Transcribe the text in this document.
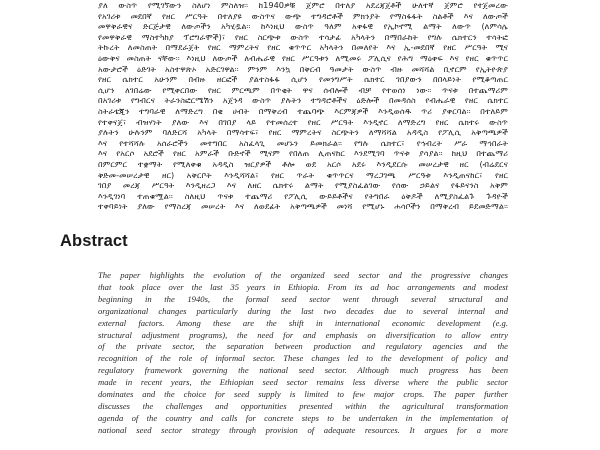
ያለ ውስጥ የሚገኘውን ስለሆነ ምስለዝ፡፡ ከ1940ዎቹ ጀምሮ በተለያ አደረጃጀቶች ሁለተኛ ጀምሮ የተጀመረው
የአገሪቱ መደበኛ የዘር ሥርዓት በተለያዩ ውስጥና ውጭ ተግዳሮቶች ምክንያት የማስፋፋት ስልቶች እና ለውጦች
መዋቅራዊና ድርጅታዊ ለውጦችን አካሂዷል፡፡ ከእነዚህ ውስጥ ዓለም አቀፋዊ የኢኮኖሚ ልማት ለውጥ (ለምሳሌ
የመዋቅራዊ ማስተካከያ ፕሮግራሞች)፣ የዘር ስርጭቱ ውስጥ ተሳታፊ አካላትን በማበራከት የግሉ ሴክተርን ተሳትፎ
ትኩረት ለመስጠት በማደራጀት የዘር ማምረትና የዘር ቁጥጥር አካላትን በመለየት እና ኢ-መደበኛ የዘር ሥርዓት ሚና
ዕውቅና መስጠት ናቸው፡፡ እነዚህ ለውጦች ለብሔራዊ የዘር ሥርዓቱን ለሚመሩ ፖሊሲና የሕግ ማዕቀፍ እና የዘር ቁጥጥር
አውታሮች ዕድገት አስተዋጽኦ አድርገዋል፡፡ ምንም እንኳ በቅርብ ዓመታት ውስጥ ብዙ መሻሻል ቢኖርም የኢትዮጵያ
የዘር ሴክተር አሁንም በብዙ ዘርፎች ያልተስፋፋ ሲሆን የመንግሥት ሴክተር ገበያውን በበላይነት የሚቆጣጠር
ሲሆን ለገበሬው የሚቀርበው የዘር ምርጫም በጥቂት ዋና ሰብሎች ብቻ የተወሰነ ነው፡፡ ጥናቱ በተጨማሪም
በአገሪቱ የግብርና ትራንስፎርሜሽን አጀንዳ ውስጥ ያሉትን ተግዳሮቶችና ዕድሎች በመዳሰስ የብሔራዊ የዘር ሴክተር
ስትራቴጂን ተግባራዊ ለማድረግ በቂ ሀብት በማቅረብ ተጨባጭ እርምጃዎች እንዲወሰዱ ጥሪ ያቀርባል፡፡ በተለይም
የተቀናጀ፣ ብዝሃነት ያለው እና በገበያ ላይ የተመሰረተ የዘር ሥርዓት እንዲኖር ለማድረግ የዘር ሴክተሩ ውስጥ
ያሉትን ሁሉንም ባለድርሻ አካላት በማሳተፍ፣ የዘር ማምረትና ስርጭትን ለማሻሻል አዳዲስ የፖሊሲ አቅጣጫዎች
እና የተሻሻሉ አሰራሮችን መተግበር አስፈላጊ መሆኑን ይመክራል፡፡ የግሉ ሴክተር፣ የኅብረት ሥራ ማኅበራት
እና የአርሶ አደሮች የዘር አምራች ቡድኖች ሚናም የበለጠ ሊጠናከር እንደሚገባ ጥናቱ ያሳያል፡፡ ከዚህ በተጨማሪ
በምርምር ተቋማት የሚለቀቁ አዳዲስ ዝርያዎች ቶሎ ወደ አርሶ አደሩ እንዲደርሱ መሠረታዊ ዘር (ብሬደርና
ቅድመ-መሠረታዊ ዘር) አቅርቦት እንዲሻሻል፣ የዘር ጥራት ቁጥጥርና ማረጋገጫ ሥርዓቱ እንዲጠናከር፣ የዘር
ገበያ መረጃ ሥርዓት እንዲዘረጋ እና ለዘር ሴክተሩ ልማት የሚያስፈልገው የሰው ኃይልና የፋይናንስ አቅም
እንዲገነባ ተጠቁሟል፡፡ ስለዚህ ጥናቱ ተጨማሪ የፖሊሲ ውይይቶችና የትግበራ ዕቅዶች ለሚያስፈልጉ ጉዳዮች
ተቀባይነት ያለው የማስረጃ መሠረት እና ለወደፊት አቅጣጫዎች መነሻ የሚሆኑ ሐሳቦችን በማቅረብ ይደመድማል፡፡
Abstract
The paper highlights the evolution of the organized seed sector and the progressive changes
that took place over the last 35 years in Ethiopia. From its ad hoc arrangements and modest
beginning in the 1940s, the formal seed sector went through several structural and
organizational changes particularly during the last two decades due to several internal and
external factors. Among these are the shift in international economic development (e.g.
structural adjustment programs), the need for and emphasis on diversification to allow entry
of the private sector, the separation between production and regulatory agencies and the
recognition of the role of informal sector. These changes led to the development of policy and
regulatory framework governing the national seed sector. Although much progress has been
made in recent years, the Ethiopian seed sector remains less diverse where the public sector
dominates and the choice for seed supply is limited to few major crops. The paper further
discusses the challenges and opportunities presented within the agricultural transformation
agenda of the country and calls for concrete steps to be undertaken in the implementation of
national seed sector strategy through provision of adequate resources. It argues for a more
